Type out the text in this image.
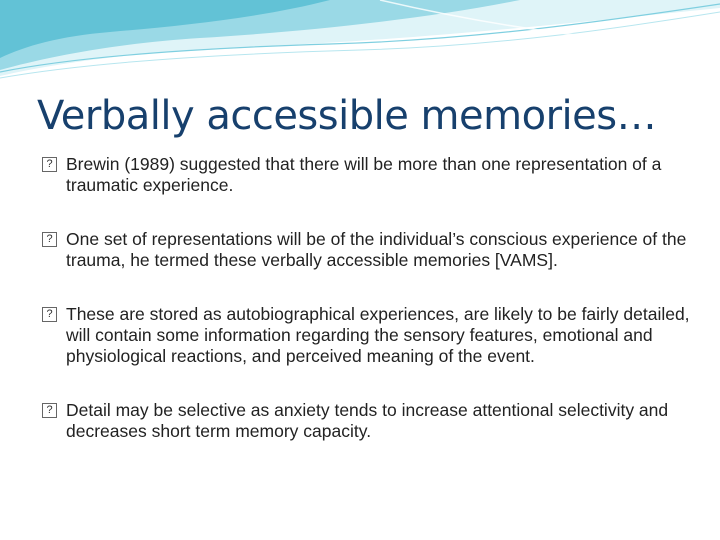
Verbally accessible memories…
? Brewin (1989) suggested that there will be more than one representation of a traumatic experience.
? One set of representations will be of the individual’s conscious experience of the trauma, he termed these verbally accessible memories [VAMS].
? These are stored as autobiographical experiences, are likely to be fairly detailed, will contain some information regarding the sensory features, emotional and physiological reactions, and perceived meaning of the event.
? Detail may be selective as anxiety tends to increase attentional selectivity and decreases short term memory capacity.
